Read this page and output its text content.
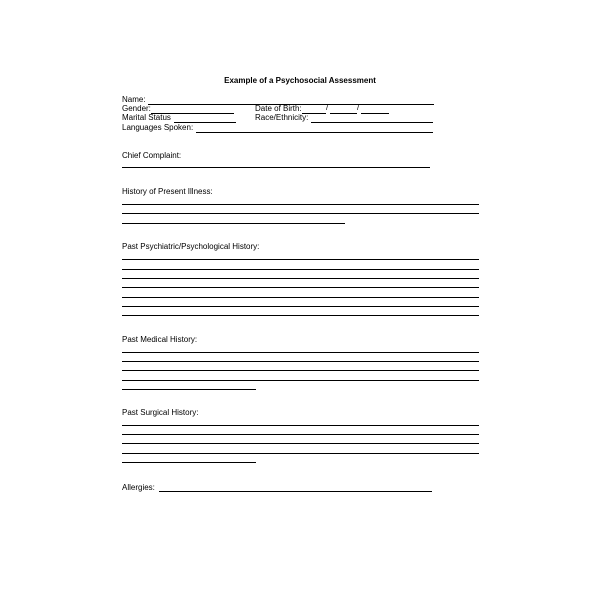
Example of a Psychosocial Assessment
Name:
Gender:	Date of Birth:	/	/
Marital Status	Race/Ethnicity:
Languages Spoken:
Chief Complaint:
History of Present Illness:
Past Psychiatric/Psychological History:
Past Medical History:
Past Surgical History:
Allergies:
